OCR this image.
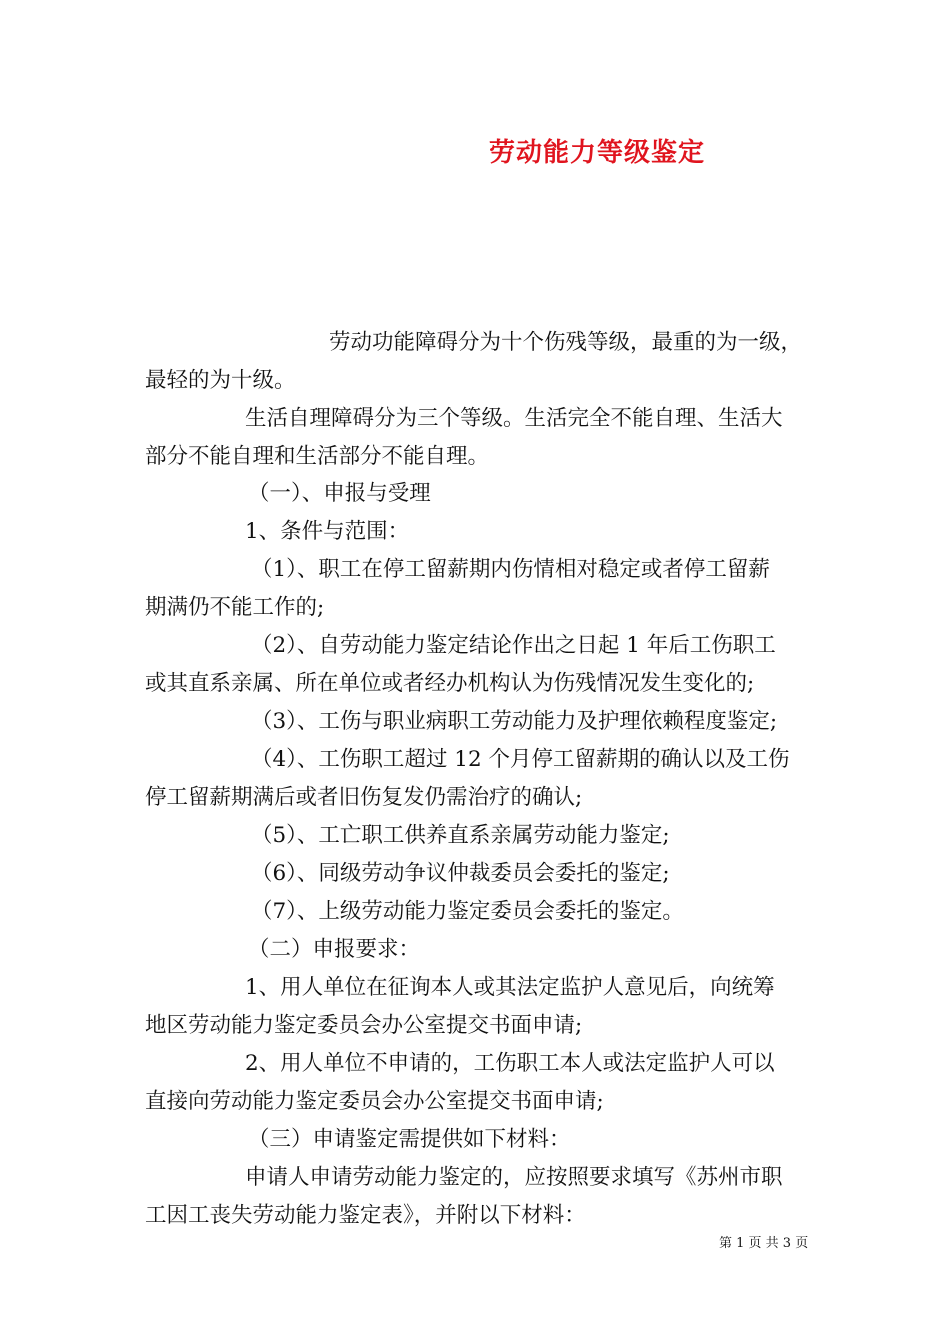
劳动能力等级鉴定

劳动功能障碍分为十个伤残等级，最重的为一级，

最轻的为十级。

生活自理障碍分为三个等级。生活完全不能自理、生活大

部分不能自理和生活部分不能自理。

（一）、申报与受理

1、条件与范围：

（1）、职工在停工留薪期内伤情相对稳定或者停工留薪

期满仍不能工作的;

（2）、自劳动能力鉴定结论作出之日起 1 年后工伤职工

或其直系亲属、所在单位或者经办机构认为伤残情况发生变化的;

（3）、工伤与职业病职工劳动能力及护理依赖程度鉴定;

（4）、工伤职工超过 12 个月停工留薪期的确认以及工伤

停工留薪期满后或者旧伤复发仍需治疗的确认;

（5）、工亡职工供养直系亲属劳动能力鉴定;

（6）、同级劳动争议仲裁委员会委托的鉴定;

（7）、上级劳动能力鉴定委员会委托的鉴定。

（二）申报要求：

1、用人单位在征询本人或其法定监护人意见后，向统筹

地区劳动能力鉴定委员会办公室提交书面申请;

2、用人单位不申请的，工伤职工本人或法定监护人可以

直接向劳动能力鉴定委员会办公室提交书面申请;

（三）申请鉴定需提供如下材料：

申请人申请劳动能力鉴定的，应按照要求填写《苏州市职

工因工丧失劳动能力鉴定表》，并附以下材料：

第 1 页 共 3 页
